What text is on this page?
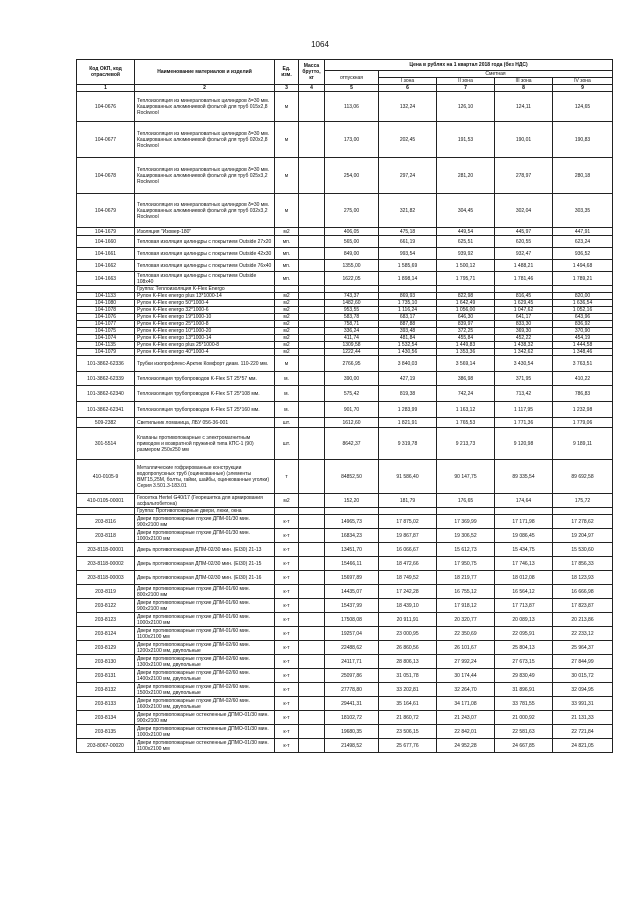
1064
Код ОКП, код отраслевой	Наименование материалов и изделий	Ед. изм.	Масса брутто, кг	Цена в рублях на 1 квартал 2018 года (без НДС)				
				отпускная	Сметная			
					I зона	II зона	III зона	IV зона
1	2	3	4	5	6	7	8	9
104-0676	Теплоизоляция из минераловатных цилиндров δ=30 мм. Кашированных алюминиевой фольгой для труб 015х2,8 Rockwool	м		113,06	132,24	126,10	124,11	124,65
104-0677	Теплоизоляция из минераловатных цилиндров δ=30 мм. Кашированных алюминиевой фольгой для труб 020х2,8 Rockwool	м		173,00	202,45	191,53	190,01	190,83
104-0678	Теплоизоляция из минераловатных цилиндров δ=30 мм. Кашированных алюминиевой фольгой для труб 025х3,2 Rockwool	м		254,00	297,24	281,20	278,97	280,18
104-0679	Теплоизоляция из минераловатных цилиндров δ=30 мм. Кашированных алюминиевой фольгой для труб 032х3,2 Rockwool	м		275,00	321,82	304,45	302,04	303,35
104-1679	Изоляция "Изовер-180"	м2		406,05	475,18	449,54	445,97	447,91
104-1660	Тепловая изоляция цилиндры с покрытием Outside 27х20	мп.		565,00	661,19	625,51	620,55	623,24
104-1661	Тепловая изоляция цилиндры с покрытием Outside 42х30	мп.		849,00	993,54	939,92	932,47	936,52
104-1662	Тепловая изоляция цилиндры с покрытием Outside 76х40	мп.		1355,00	1 585,69	1 500,12	1 488,21	1 494,68
104-1663	Тепловая изоляция цилиндры с покрытием Outside 108х40	мп.		1622,05	1 898,14	1 795,71	1 781,46	1 789,21
	Группа: Теплоизоляция K-Flex Energo							
104-1133	Рулон K-Flex energo plus 13*1000-14	м2		743,37	869,93	822,98	816,45	820,00
104-1080	Рулон K-Flex energo 50*1000-4	м2		1482,60	1 735,10	1 642,49	1 629,45	1 636,54
104-1078	Рулон K-Flex energo 32*1000-6	м2		953,55	1 116,24	1 056,00	1 047,62	1 052,16
104-1076	Рулон K-Flex energo 19*1000-10	м2		583,78	683,17	646,30	641,17	643,96
104-1077	Рулон K-Flex energo 25*1000-8	м2		758,71	887,88	839,97	833,30	836,92
104-1075	Рулон K-Flex energo 10*1000-20	м2		336,24	393,48	372,25	369,30	370,90
104-1074	Рулон K-Flex energo 13*1000-14	м2		411,74	481,84	455,84	452,22	454,19
104-1135	Рулон K-Flex energo plus 25*1000-8	м2		1309,58	1 532,54	1 449,83	1 438,32	1 444,58
104-1079	Рулон K-Flex energo 40*1000-4	м2		1222,44	1 430,56	1 353,36	1 342,62	1 348,46
101-3862-62336	Трубки изопрофлекс-Арктик Комфорт диам. 110-220 мм.	м		2766,95	3 840,03	3 569,14	3 430,54	3 763,51
101-3862-62339	Теплоизоляция трубопроводов K-Flex ST 25*57 мм.	м.		390,00	427,19	386,98	371,95	410,22
101-3862-62340	Теплоизоляция трубопроводов K-Flex ST 25*108 мм.	м.		575,42	819,38	742,24	713,42	786,83
101-3862-62341	Теплоизоляция трубопроводов K-Flex ST 25*160 мм.	м.		901,70	1 283,99	1 163,12	1 117,95	1 232,98
509-2382	Светильник ломаница, ЛБУ 056-36-001	шт.		1612,60	1 821,91	1 765,53	1 771,36	1 779,06
301-5514	Клапаны противопожарные с электромагнитным приводом и возвратной пружиной типа КПС-1 (90) размером 250х250 мм	шт.		8642,37	9 319,78	9 213,73	9 120,98	9 189,11
410-0105-9	Металлические гофрированные конструкции водопропускных труб (оцинкованные) (элементы ВМГ15,25М, болты, гайки, шайбы, оцинкованные уголки) Серия 3.501.3-183.01	т		84852,50	91 586,40	90 147,75	89 335,54	89 692,58
410-0105-00001	Геосетка Hertel G40/17 (Георешетка для армирования асфальтобетона)	м2		152,20	181,79	176,65	174,64	175,72
	Группа: Противопожарные двери, люки, окна							
203-8116	Двери противопожарные глухие ДПМ-01/30 мин. 900х2100 мм	к-т		14965,73	17 875,02	17 369,99	17 171,98	17 278,62
203-8118	Двери противопожарные глухие ДПМ-01/30 мин. 1000х2100 мм	к-т		16834,23	19 867,87	19 306,52	19 086,45	19 204,97
203-8118-00001	Дверь противопожарная ДПМ-02/30 мин. (EI30) 21-13	к-т		13451,70	16 066,67	15 612,73	15 434,75	15 530,60
203-8118-00002	Дверь противопожарная ДПМ-02/30 мин. (EI30) 21-15	к-т		15466,11	18 472,66	17 950,75	17 746,13	17 856,33
203-8118-00003	Дверь противопожарная ДПМ-02/30 мин. (EI30) 21-16	к-т		15697,89	18 749,52	18 219,77	18 012,08	18 123,93
203-8119	Двери противопожарные глухие ДПМ-01/60 мин. 800х2100 мм	к-т		14435,07	17 242,28	16 755,12	16 564,12	16 666,98
203-8122	Двери противопожарные глухие ДПМ-01/60 мин. 900х2100 мм	к-т		15437,99	18 439,10	17 918,12	17 713,87	17 823,87
203-8123	Двери противопожарные глухие ДПМ-01/60 мин. 1000х2100 мм	к-т		17508,08	20 911,91	20 320,77	20 089,13	20 213,86
203-8124	Двери противопожарные глухие ДПМ-01/60 мин. 1100х2100 мм	к-т		19257,04	23 000,95	22 350,69	22 095,91	22 233,12
203-8129	Двери противопожарные глухие ДПМ-02/60 мин. 1200х2100 мм, двупольные	к-т		22488,62	26 860,56	26 101,67	25 804,13	25 964,37
203-8130	Двери противопожарные глухие ДПМ-02/60 мин. 1300х2100 мм, двупольные	к-т		24117,71	28 806,13	27 992,24	27 673,15	27 844,99
203-8131	Двери противопожарные глухие ДПМ-02/60 мин. 1400х2100 мм, двупольные	к-т		25097,86	31 051,78	30 174,44	29 830,49	30 015,72
203-8132	Двери противопожарные глухие ДПМ-02/60 мин. 1500х2100 мм, двупольные	к-т		27778,80	33 202,81	32 264,70	31 896,91	32 094,95
203-8133	Двери противопожарные глухие ДПМ-02/60 мин. 1600х2100 мм, двупольные	к-т		29441,31	35 164,61	34 171,08	33 781,55	33 991,31
203-8134	Двери противопожарные остекленные ДПМО-01/30 мин. 900х2100 мм	к-т		18102,72	21 860,72	21 243,07	21 000,92	21 131,33
203-8135	Двери противопожарные остекленные ДПМО-01/30 мин. 1000х2100 мм	к-т		19680,35	23 506,15	22 842,01	22 581,63	22 721,84
203-8067-00020	Двери противопожарные остекленные ДПМО-01/30 мин. 1100х2100 мм	к-т		21498,52	25 677,76	24 952,28	24 667,85	24 821,05
